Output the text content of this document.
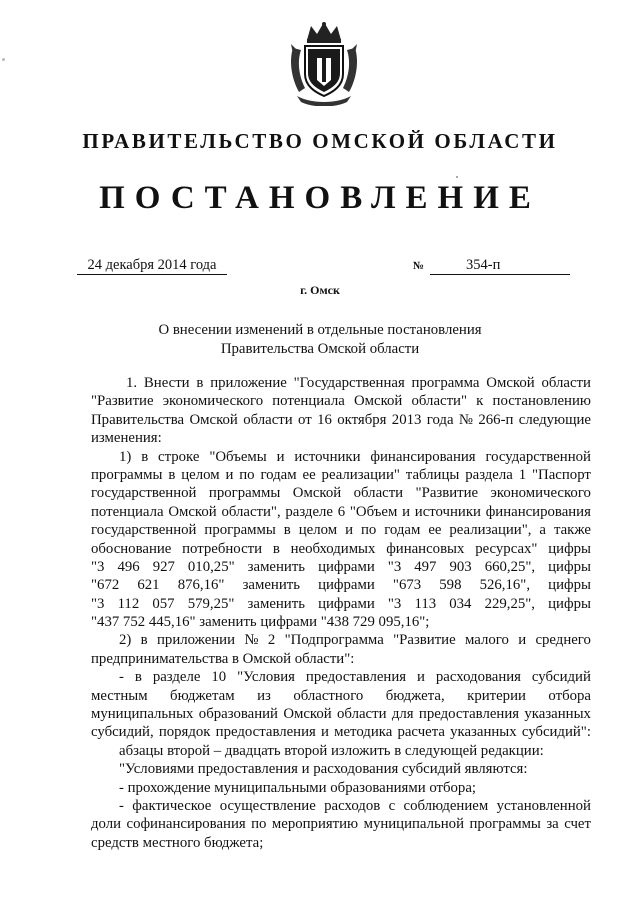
ПРАВИТЕЛЬСТВО ОМСКОЙ ОБЛАСТИ
ПОСТАНОВЛЕНИЕ
24 декабря 2014 года	№	354-п
г. Омск
О внесении изменений в отдельные постановления
Правительства Омской области
1. Внести в приложение "Государственная программа Омской области
"Развитие экономического потенциала Омской области" к постановлению
Правительства Омской области от 16 октября 2013 года № 266-п следующие
изменения:
1) в строке "Объемы и источники финансирования государственной
программы в целом и по годам ее реализации" таблицы раздела 1 "Паспорт
государственной программы Омской области "Развитие экономического
потенциала Омской области", разделе 6 "Объем и источники финансирования
государственной программы в целом и по годам ее реализации", а также
обоснование потребности в необходимых финансовых ресурсах" цифры
"3 496 927 010,25" заменить цифрами "3 497 903 660,25", цифры
"672 621 876,16" заменить цифрами "673 598 526,16", цифры
"3 112 057 579,25" заменить цифрами "3 113 034 229,25", цифры
"437 752 445,16" заменить цифрами "438 729 095,16";
2) в приложении № 2 "Подпрограмма "Развитие малого и среднего
предпринимательства в Омской области":
- в разделе 10 "Условия предоставления и расходования субсидий
местным бюджетам из областного бюджета, критерии отбора
муниципальных образований Омской области для предоставления указанных
субсидий, порядок предоставления и методика расчета указанных субсидий":
абзацы второй – двадцать второй изложить в следующей редакции:
"Условиями предоставления и расходования субсидий являются:
- прохождение муниципальными образованиями отбора;
- фактическое осуществление расходов с соблюдением установленной
доли софинансирования по мероприятию муниципальной программы за счет
средств местного бюджета;
